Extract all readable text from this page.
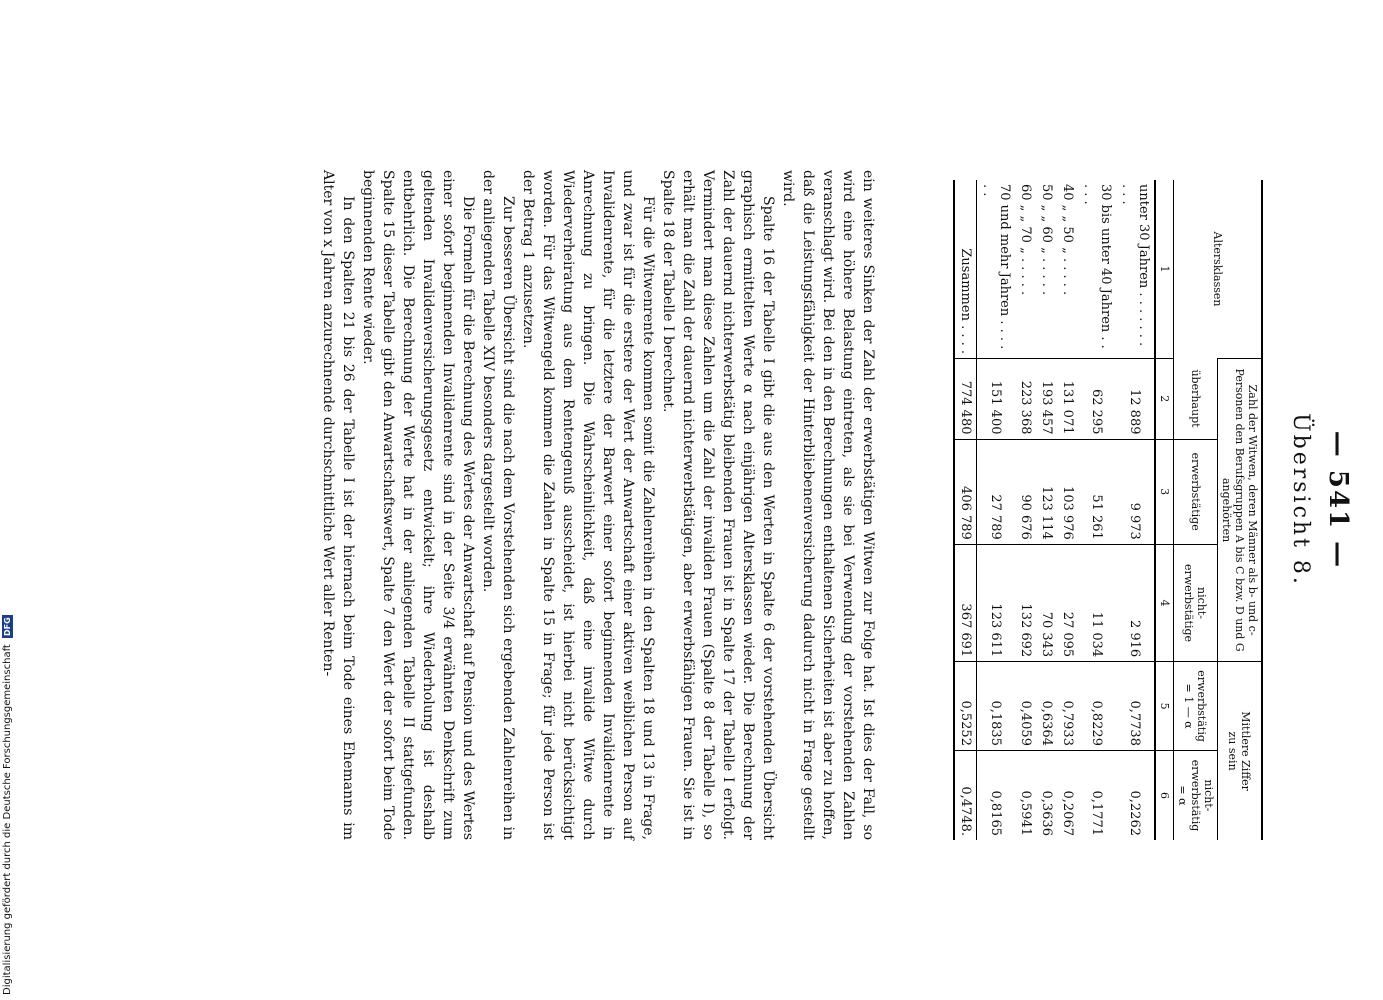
— 541 —
Übersicht 8.
Altersklassen	Zahl der Witwen, deren Männer als b- und c-Personen den Berufsgruppen A bis C bzw. D und G angehörten			Mittlere Ziffer
zu sein	
	überhaupt	erwerbstätige	nicht-erwerbstätige	erwerbstätig = 1 — α	nicht-erwerbstätig = α
1	2	3	4	5	6
unter 30 Jahren . . . . . . . . . .	12 889	9 973	2 916	0,7738	0,2262
30 bis unter 40 Jahren . . . . .	62 295	51 261	11 034	0,8229	0,1771
40 „ „ 50 „ . . . . .	131 071	103 976	27 095	0,7933	0,2067
50 „ „ 60 „ . . . . .	193 457	123 114	70 343	0,6364	0,3636
60 „ „ 70 „ . . . . .	223 368	90 676	132 692	0,4059	0,5941
70 und mehr Jahren . . . . . .	151 400	27 789	123 611	0,1835	0,8165
Zusammen . . . .	774 480	406 789	367 691	0,5252	0,4748.

ein weiteres Sinken der Zahl der erwerbstätigen Witwen zur Folge hat. Ist dies der Fall, so wird eine höhere Belastung eintreten, als sie bei Verwendung der vorstehenden Zahlen veranschlagt wird. Bei den in den Berechnungen enthaltenen Sicherheiten ist aber zu hoffen, daß die Leistungsfähigkeit der Hinterbliebenenversicherung dadurch nicht in Frage gestellt wird.

Spalte 16 der Tabelle I gibt die aus den Werten in Spalte 6 der vorstehenden Übersicht graphisch ermittelten Werte α nach einjährigen Altersklassen wieder. Die Berechnung der Zahl der dauernd nichterwerbstätig bleibenden Frauen ist in Spalte 17 der Tabelle I erfolgt. Vermindert man diese Zahlen um die Zahl der invaliden Frauen (Spalte 8 der Tabelle I), so erhält man die Zahl der dauernd nichterwerbstätigen, aber erwerbsfähigen Frauen. Sie ist in Spalte 18 der Tabelle I berechnet.

Für die Witwenrente kommen somit die Zahlenreihen in den Spalten 18 und 13 in Frage, und zwar ist für die erstere der Wert der Anwartschaft einer aktiven weiblichen Person auf Invalidenrente, für die letztere der Barwert einer sofort beginnenden Invalidenrente in Anrechnung zu bringen. Die Wahrscheinlichkeit, daß eine invalide Witwe durch Wiederverheiratung aus dem Rentengenuß ausscheidet, ist hierbei nicht berücksichtigt worden. Für das Witwengeld kommen die Zahlen in Spalte 15 in Frage; für jede Person ist der Betrag 1 anzusetzen.

Zur besseren Übersicht sind die nach dem Vorstehenden sich ergebenden Zahlenreihen in der anliegenden Tabelle XIV besonders dargestellt worden.

Die Formeln für die Berechnung des Wertes der Anwartschaft auf Pension und des Wertes einer sofort beginnenden Invalidenrente sind in der Seite 3/4 erwähnten Denkschrift zum geltenden Invalidenversicherungsgesetz entwickelt; ihre Wiederholung ist deshalb entbehrlich. Die Berechnung der Werte hat in der anliegenden Tabelle II stattgefunden. Spalte 15 dieser Tabelle gibt den Anwartschaftswert, Spalte 7 den Wert der sofort beim Tode beginnenden Rente wieder.

In den Spalten 21 bis 26 der Tabelle I ist der hiernach beim Tode eines Ehemanns im Alter von x Jahren anzurechnende durchschnittliche Wert aller Renten-

Digitalisierung gefördert durch die Deutsche Forschungsgemeinschaft DFG
